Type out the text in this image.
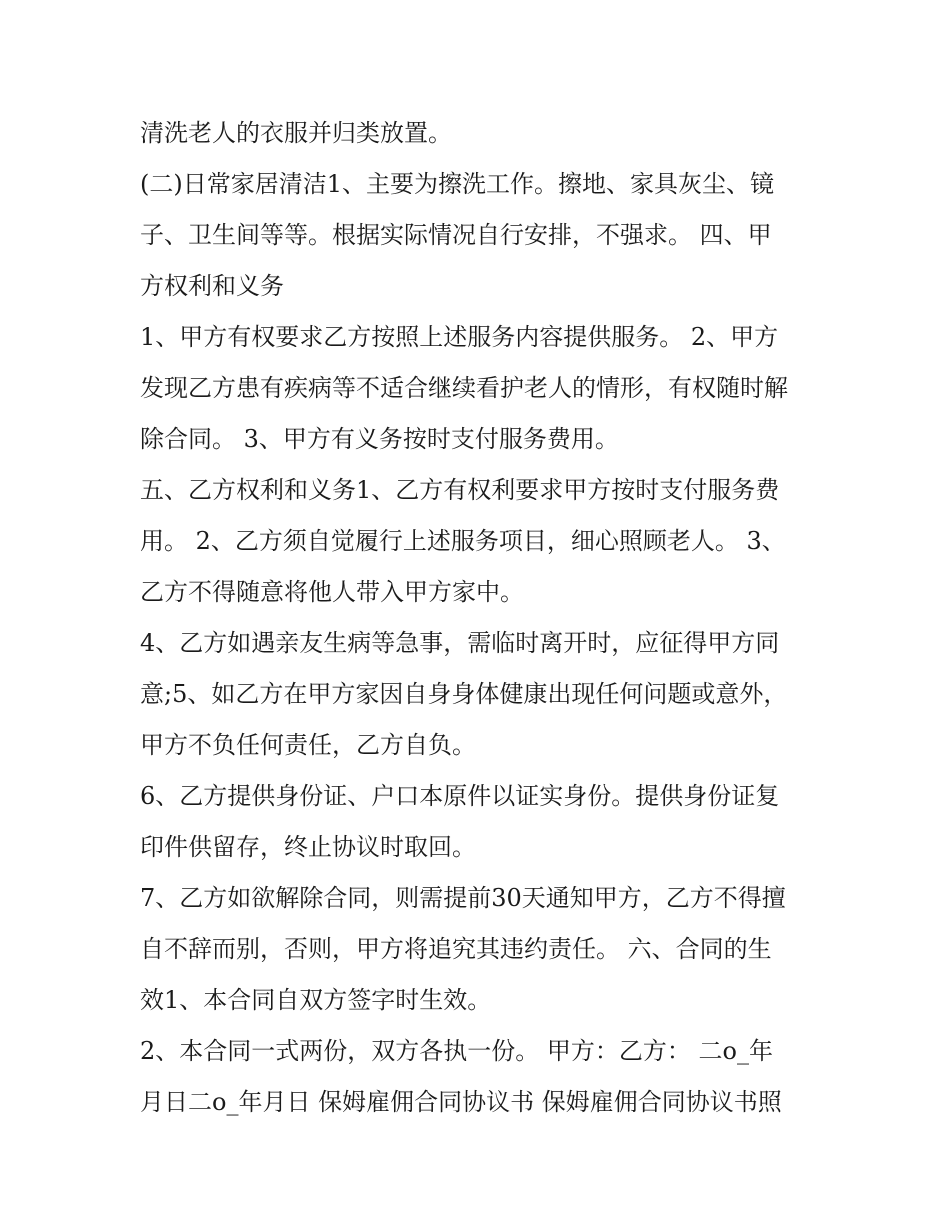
清洗老人的衣服并归类放置。
(二)日常家居清洁1、主要为擦洗工作。擦地、家具灰尘、镜
子、卫生间等等。根据实际情况自行安排，不强求。 四、甲
方权利和义务
1、甲方有权要求乙方按照上述服务内容提供服务。 2、甲方
发现乙方患有疾病等不适合继续看护老人的情形，有权随时解
除合同。 3、甲方有义务按时支付服务费用。
五、乙方权利和义务1、乙方有权利要求甲方按时支付服务费
用。 2、乙方须自觉履行上述服务项目，细心照顾老人。 3、
乙方不得随意将他人带入甲方家中。
4、乙方如遇亲友生病等急事，需临时离开时，应征得甲方同
意;5、如乙方在甲方家因自身身体健康出现任何问题或意外，
甲方不负任何责任，乙方自负。
6、乙方提供身份证、户口本原件以证实身份。提供身份证复
印件供留存，终止协议时取回。
7、乙方如欲解除合同，则需提前30天通知甲方，乙方不得擅
自不辞而别，否则，甲方将追究其违约责任。 六、合同的生
效1、本合同自双方签字时生效。
2、本合同一式两份，双方各执一份。 甲方：乙方： 二o_年
月日二o_年月日 保姆雇佣合同协议书 保姆雇佣合同协议书照
